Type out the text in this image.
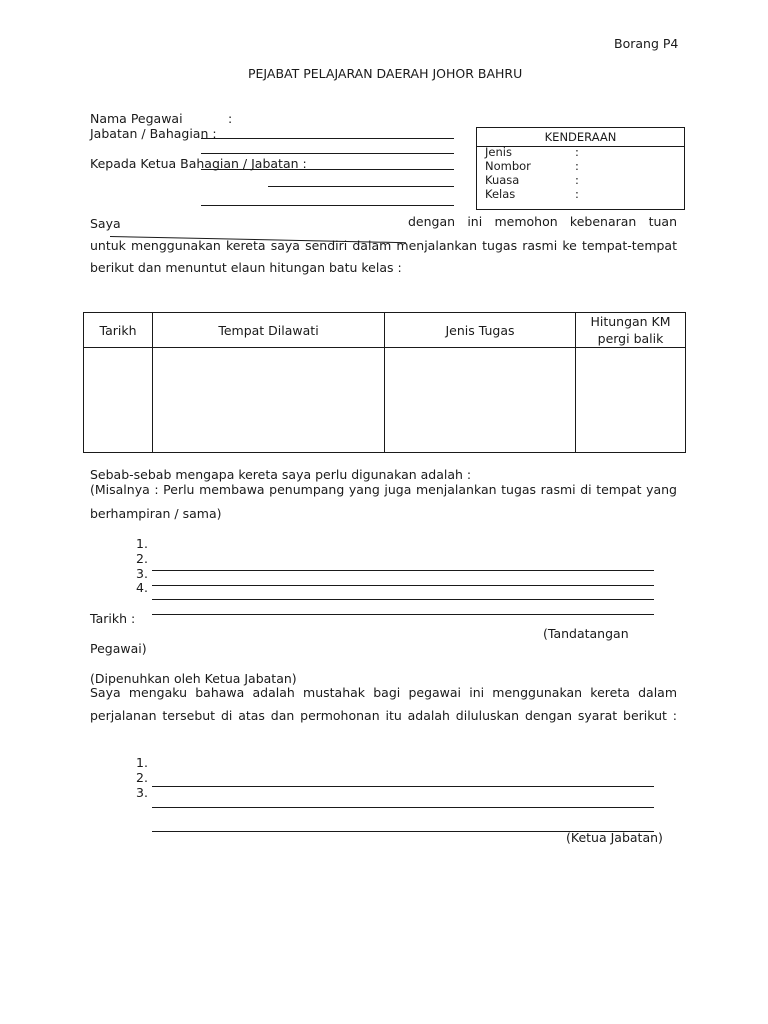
Borang P4
PEJABAT PELAJARAN DAERAH JOHOR BAHRU
Nama Pegawai	:
Jabatan / Bahagian :
Kepada Ketua Bahagian / Jabatan :
KENDERAAN
Jenis	:
Nombor	:
Kuasa	:
Kelas	:
Saya	dengan ini memohon kebenaran tuan
untuk menggunakan kereta saya sendiri dalam menjalankan tugas rasmi ke tempat-tempat
berikut dan menuntut elaun hitungan batu kelas :
Tarikh	Tempat Dilawati	Jenis Tugas	Hitungan KM pergi balik

Sebab-sebab mengapa kereta saya perlu digunakan adalah :
(Misalnya : Perlu membawa penumpang yang juga menjalankan tugas rasmi di tempat yang
berhampiran / sama)
1.
2.
3.
4.
Tarikh :
(Tandatangan
Pegawai)
(Dipenuhkan oleh Ketua Jabatan)
Saya mengaku bahawa adalah mustahak bagi pegawai ini menggunakan kereta dalam
perjalanan tersebut di atas dan permohonan itu adalah diluluskan dengan syarat berikut :
1.
2.
3.
(Ketua Jabatan)
